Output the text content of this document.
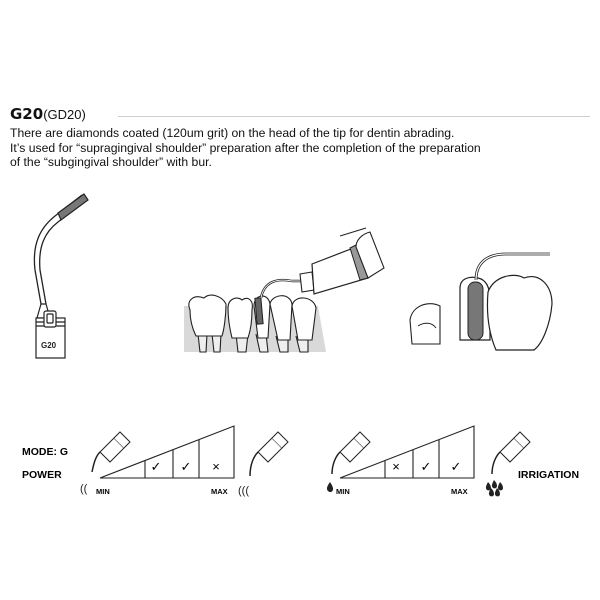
G20(GD20)
There are diamonds coated (120um grit) on the head of the tip for dentin abrading.
It’s used for “supragingival shoulder” preparation after the completion of the preparation
of the “subgingival shoulder” with bur.
G20
MODE: G
POWER
((
✓ ✓ ×
MIN	MAX (((
× ✓ ✓
MIN	MAX
IRRIGATION
